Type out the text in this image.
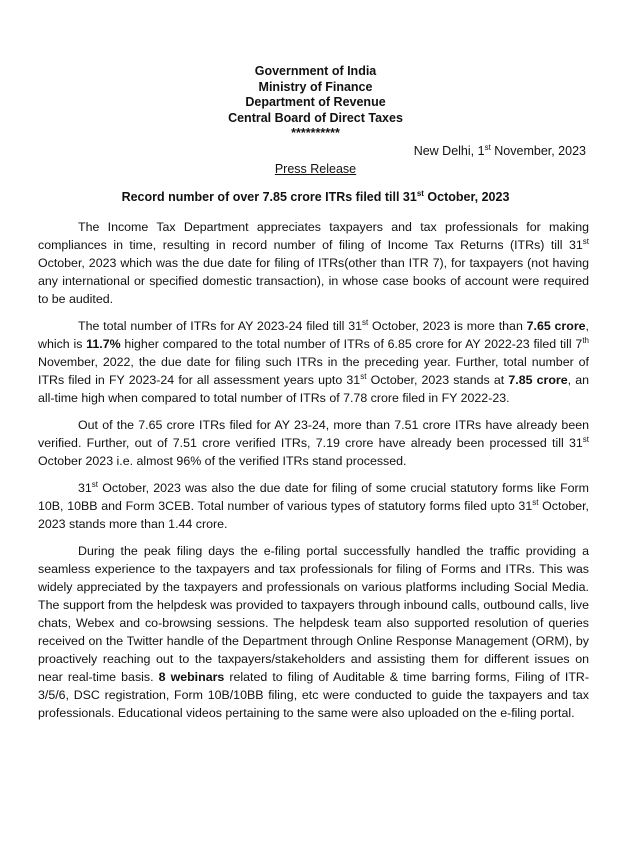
Government of India
Ministry of Finance
Department of Revenue
Central Board of Direct Taxes
**********
New Delhi, 1st November, 2023
Press Release
Record number of over 7.85 crore ITRs filed till 31st October, 2023

The Income Tax Department appreciates taxpayers and tax professionals for making compliances in time, resulting in record number of filing of Income Tax Returns (ITRs) till 31st October, 2023 which was the due date for filing of ITRs(other than ITR 7), for taxpayers (not having any international or specified domestic transaction), in whose case books of account were required to be audited.

The total number of ITRs for AY 2023-24 filed till 31st October, 2023 is more than 7.65 crore, which is 11.7% higher compared to the total number of ITRs of 6.85 crore for AY 2022-23 filed till 7th November, 2022, the due date for filing such ITRs in the preceding year. Further, total number of ITRs filed in FY 2023-24 for all assessment years upto 31st October, 2023 stands at 7.85 crore, an all-time high when compared to total number of ITRs of 7.78 crore filed in FY 2022-23.

Out of the 7.65 crore ITRs filed for AY 23-24, more than 7.51 crore ITRs have already been verified. Further, out of 7.51 crore verified ITRs, 7.19 crore have already been processed till 31st October 2023 i.e. almost 96% of the verified ITRs stand processed.

31st October, 2023 was also the due date for filing of some crucial statutory forms like Form 10B, 10BB and Form 3CEB. Total number of various types of statutory forms filed upto 31st October, 2023 stands more than 1.44 crore.

During the peak filing days the e-filing portal successfully handled the traffic providing a seamless experience to the taxpayers and tax professionals for filing of Forms and ITRs. This was widely appreciated by the taxpayers and professionals on various platforms including Social Media. The support from the helpdesk was provided to taxpayers through inbound calls, outbound calls, live chats, Webex and co-browsing sessions. The helpdesk team also supported resolution of queries received on the Twitter handle of the Department through Online Response Management (ORM), by proactively reaching out to the taxpayers/stakeholders and assisting them for different issues on near real-time basis. 8 webinars related to filing of Auditable & time barring forms, Filing of ITR-3/5/6, DSC registration, Form 10B/10BB filing, etc were conducted to guide the taxpayers and tax professionals. Educational videos pertaining to the same were also uploaded on the e-filing portal.
